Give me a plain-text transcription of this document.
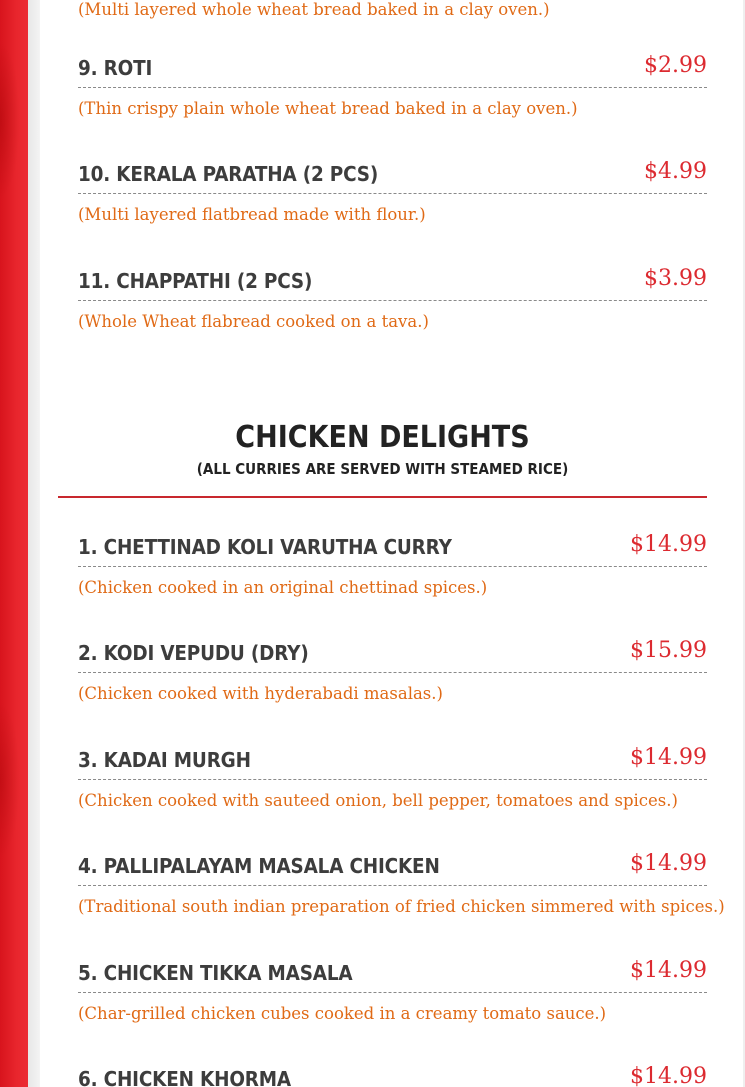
(Multi layered whole wheat bread baked in a clay oven.)
9. ROTI	$2.99
(Thin crispy plain whole wheat bread baked in a clay oven.)
10. KERALA PARATHA (2 PCS)	$4.99
(Multi layered flatbread made with flour.)
11. CHAPPATHI (2 PCS)	$3.99
(Whole Wheat flabread cooked on a tava.)
1. CHETTINAD KOLI VARUTHA CURRY	$14.99
(Chicken cooked in an original chettinad spices.)
2. KODI VEPUDU (DRY)	$15.99
(Chicken cooked with hyderabadi masalas.)
3. KADAI MURGH	$14.99
(Chicken cooked with sauteed onion, bell pepper, tomatoes and spices.)
4. PALLIPALAYAM MASALA CHICKEN	$14.99
(Traditional south indian preparation of fried chicken simmered with spices.)
5. CHICKEN TIKKA MASALA	$14.99
(Char-grilled chicken cubes cooked in a creamy tomato sauce.)
6. CHICKEN KHORMA	$14.99
CHICKEN DELIGHTS
(ALL CURRIES ARE SERVED WITH STEAMED RICE)
